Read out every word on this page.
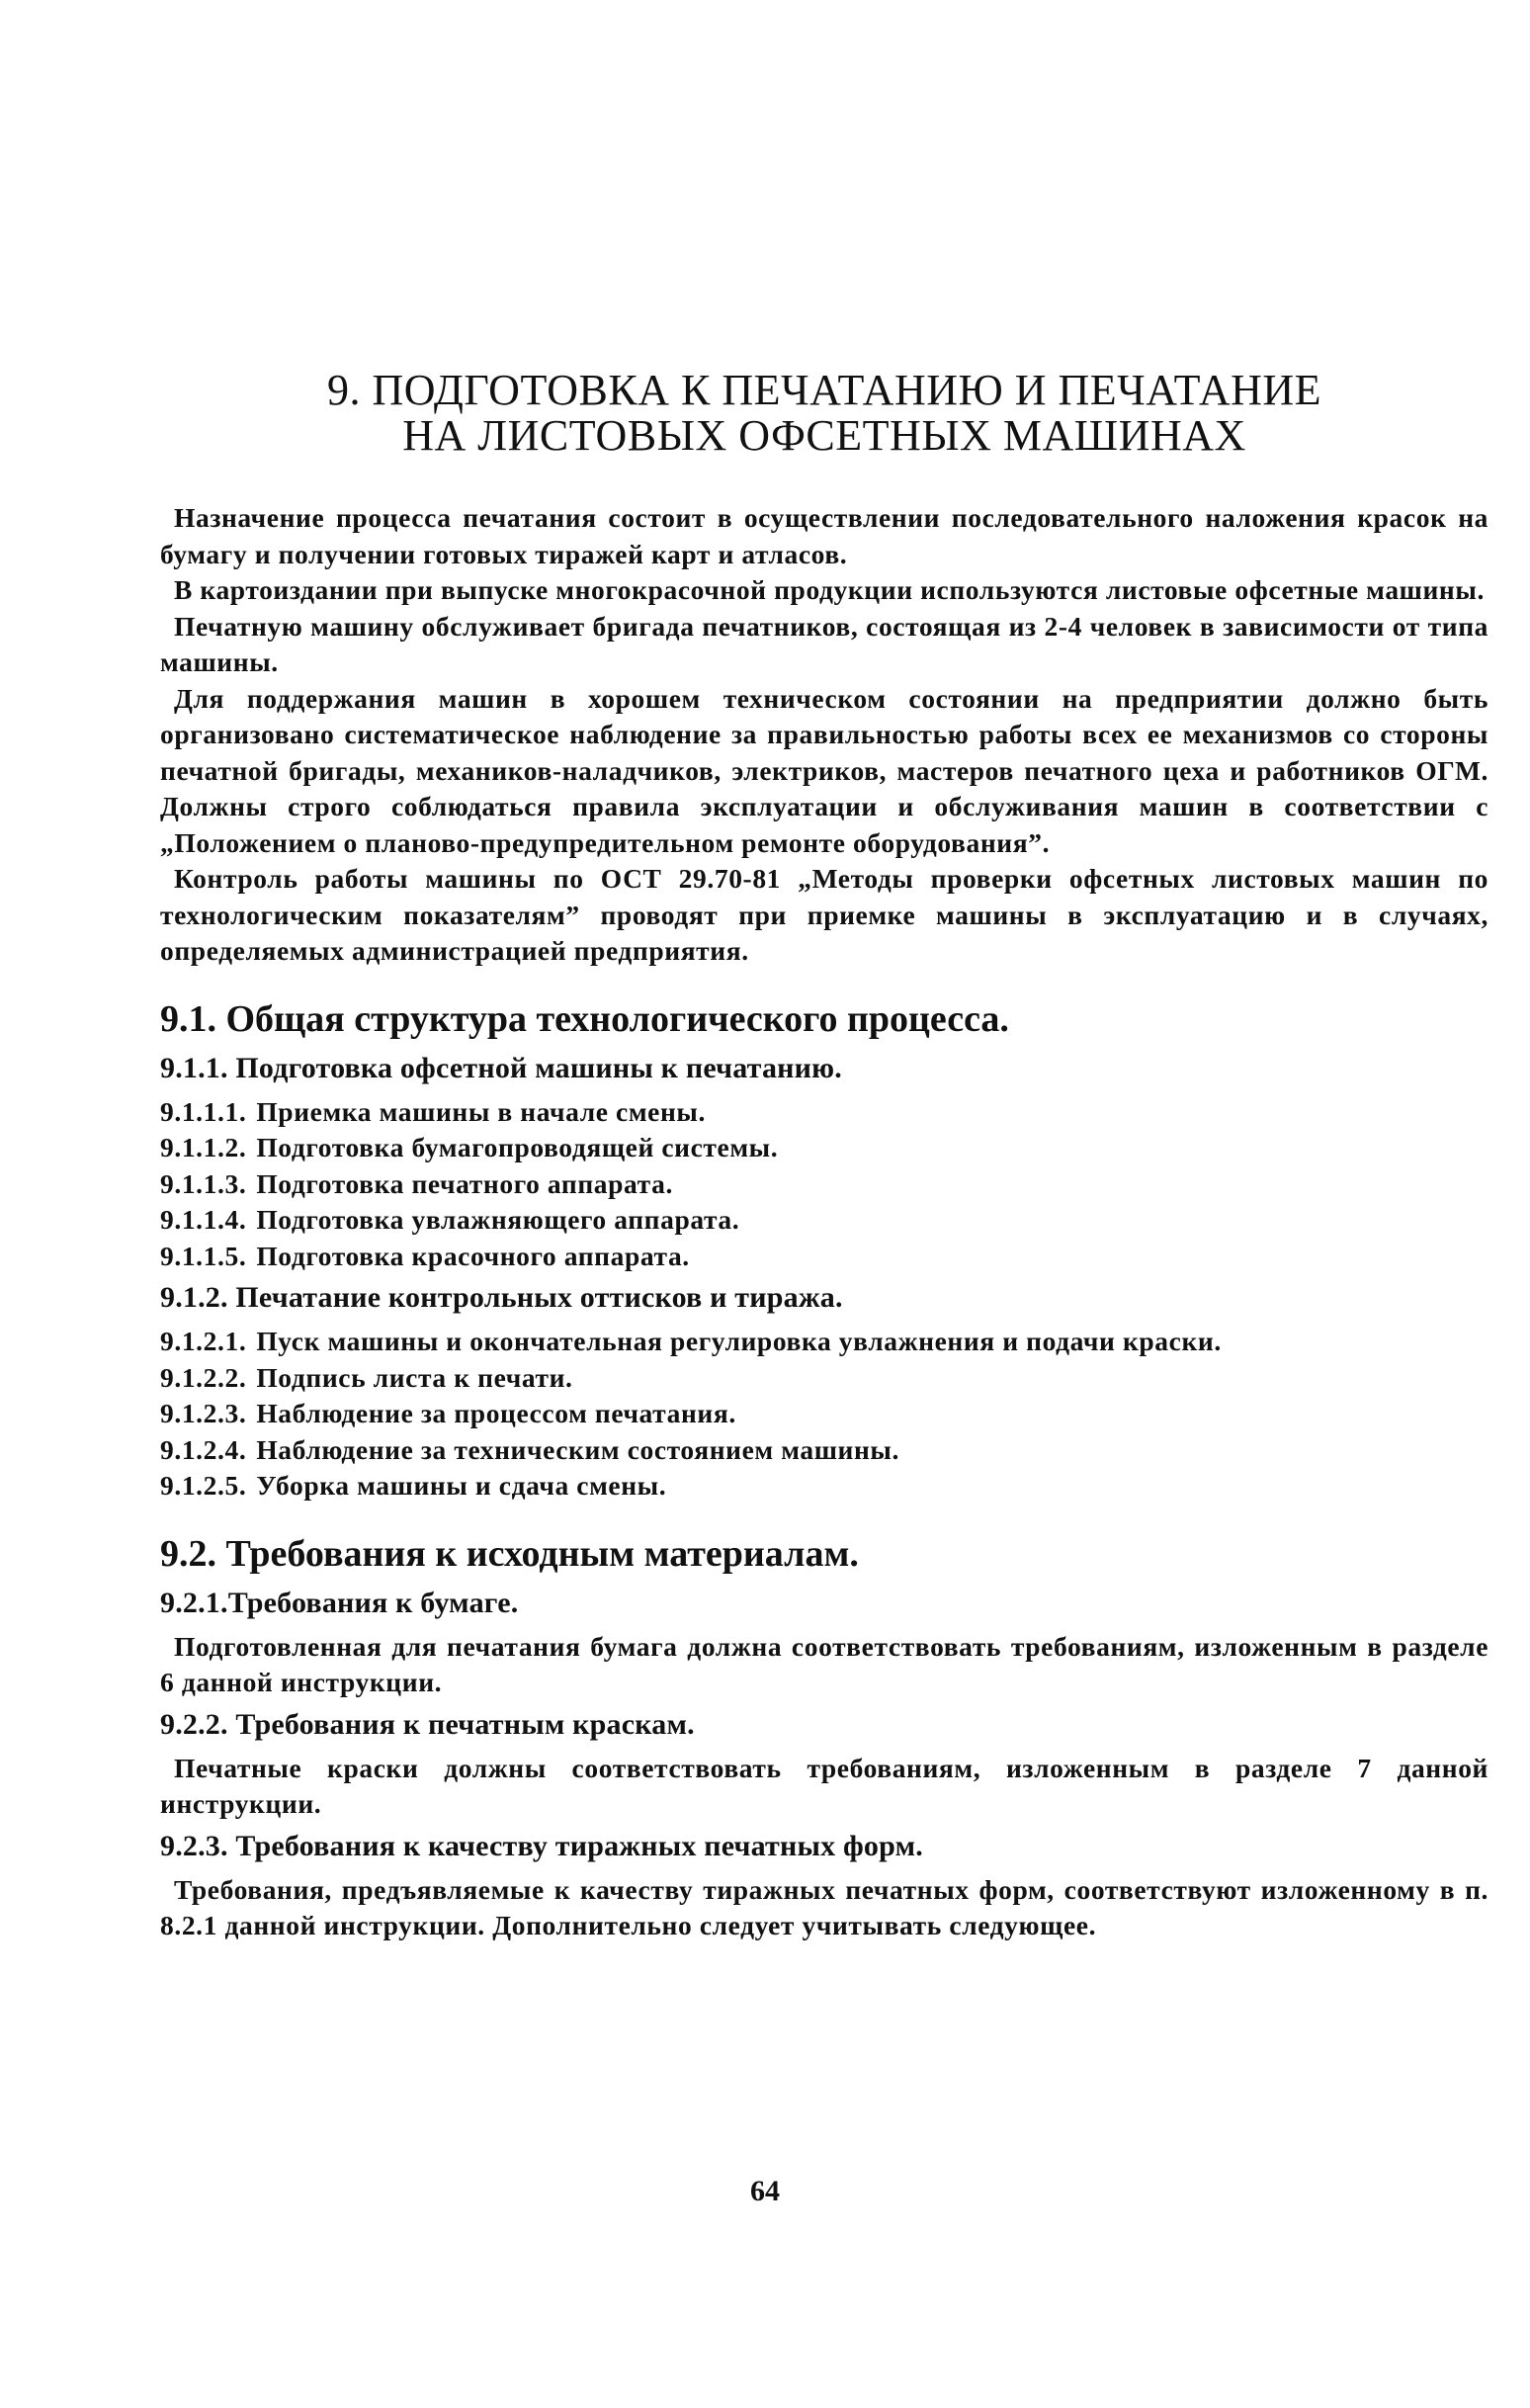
9. ПОДГОТОВКА К ПЕЧАТАНИЮ И ПЕЧАТАНИЕ
НА ЛИСТОВЫХ ОФСЕТНЫХ МАШИНАХ

Назначение процесса печатания состоит в осуществлении последовательного наложения красок на бумагу и получении готовых тиражей карт и атласов.

В картоиздании при выпуске многокрасочной продукции используются листовые офсетные машины.

Печатную машину обслуживает бригада печатников, состоящая из 2-4 человек в зависимости от типа машины.

Для поддержания машин в хорошем техническом состоянии на предприятии должно быть организовано систематическое наблюдение за правильностью работы всех ее механизмов со стороны печатной бригады, механиков-наладчиков, электриков, мастеров печатного цеха и работников ОГМ. Должны строго соблюдаться правила эксплуатации и обслуживания машин в соответствии с „Положением о планово-предупредительном ремонте оборудования”.

Контроль работы машины по ОСТ 29.70-81 „Методы проверки офсетных листовых машин по технологическим показателям” проводят при приемке машины в эксплуатацию и в случаях, определяемых администрацией предприятия.

9.1. Общая структура технологического процесса.
9.1.1. Подготовка офсетной машины к печатанию.
9.1.1.1. Приемка машины в начале смены.
9.1.1.2. Подготовка бумагопроводящей системы.
9.1.1.3. Подготовка печатного аппарата.
9.1.1.4. Подготовка увлажняющего аппарата.
9.1.1.5. Подготовка красочного аппарата.
9.1.2. Печатание контрольных оттисков и тиража.
9.1.2.1. Пуск машины и окончательная регулировка увлажнения и подачи краски.
9.1.2.2. Подпись листа к печати.
9.1.2.3. Наблюдение за процессом печатания.
9.1.2.4. Наблюдение за техническим состоянием машины.
9.1.2.5. Уборка машины и сдача смены.
9.2. Требования к исходным материалам.
9.2.1.Требования к бумаге.

Подготовленная для печатания бумага должна соответствовать требованиям, изложенным в разделе 6 данной инструкции.

9.2.2. Требования к печатным краскам.

Печатные краски должны соответствовать требованиям, изложенным в разделе 7 данной инструкции.

9.2.3. Требования к качеству тиражных печатных форм.

Требования, предъявляемые к качеству тиражных печатных форм, соответствуют изложенному в п. 8.2.1 данной инструкции. Дополнительно следует учитывать следующее.

64
